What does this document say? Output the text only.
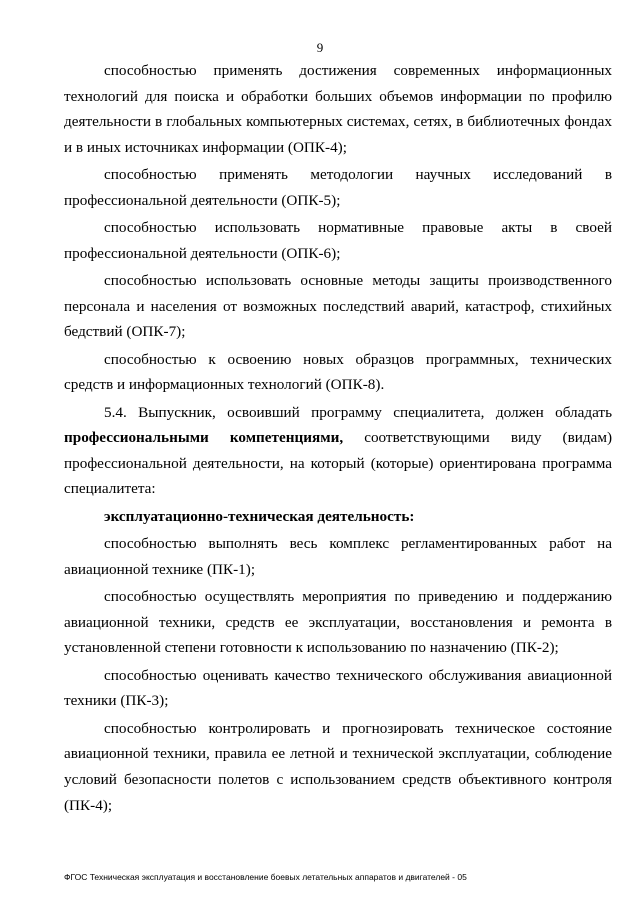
9

способностью применять достижения современных информационных технологий для поиска и обработки больших объемов информации по профилю деятельности в глобальных компьютерных системах, сетях, в библиотечных фондах и в иных источниках информации (ОПК-4);

способностью применять методологии научных исследований в профессиональной деятельности (ОПК-5);

способностью использовать нормативные правовые акты в своей профессиональной деятельности (ОПК-6);

способностью использовать основные методы защиты производственного персонала и населения от возможных последствий аварий, катастроф, стихийных бедствий (ОПК-7);

способностью к освоению новых образцов программных, технических средств и информационных технологий (ОПК-8).

5.4. Выпускник, освоивший программу специалитета, должен обладать профессиональными компетенциями, соответствующими виду (видам) профессиональной деятельности, на который (которые) ориентирована программа специалитета:

эксплуатационно-техническая деятельность:

способностью выполнять весь комплекс регламентированных работ на авиационной технике (ПК-1);

способностью осуществлять мероприятия по приведению и поддержанию авиационной техники, средств ее эксплуатации, восстановления и ремонта в установленной степени готовности к использованию по назначению (ПК-2);

способностью оценивать качество технического обслуживания авиационной техники (ПК-3);

способностью контролировать и прогнозировать техническое состояние авиационной техники, правила ее летной и технической эксплуатации, соблюдение условий безопасности полетов с использованием средств объективного контроля (ПК-4);

ФГОС Техническая эксплуатация и восстановление боевых летательных аппаратов и двигателей - 05
